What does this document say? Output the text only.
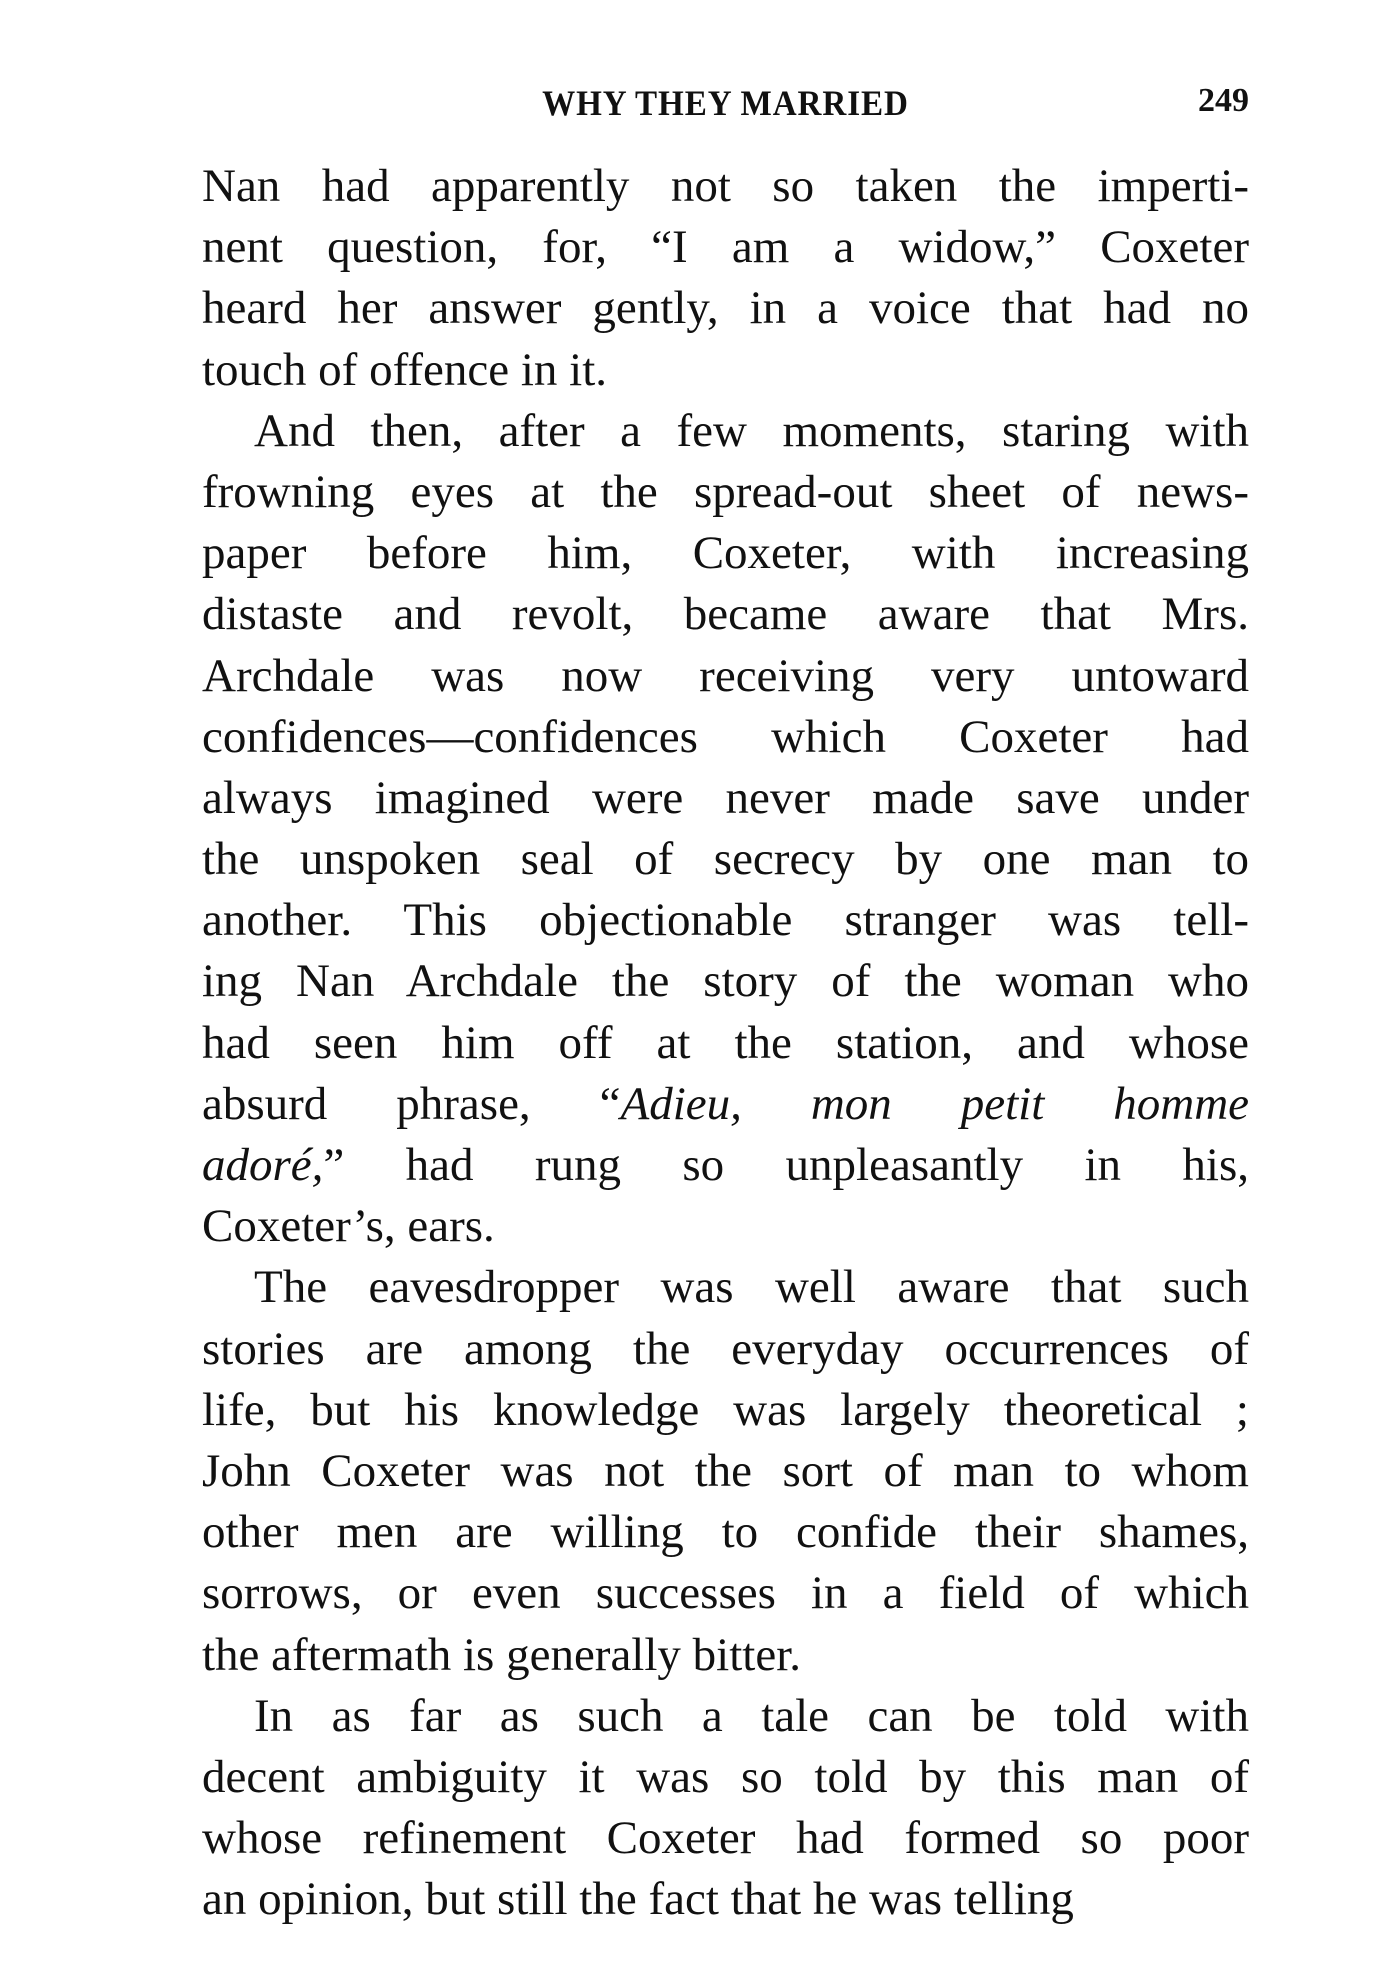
WHY THEY MARRIED	249
Nan had apparently not so taken the imperti-
nent question, for, “I am a widow,” Coxeter
heard her answer gently, in a voice that had no
touch of offence in it.
And then, after a few moments, staring with
frowning eyes at the spread-out sheet of news-
paper before him, Coxeter, with increasing
distaste and revolt, became aware that Mrs.
Archdale was now receiving very untoward
confidences—confidences which Coxeter had
always imagined were never made save under
the unspoken seal of secrecy by one man to
another. This objectionable stranger was tell-
ing Nan Archdale the story of the woman who
had seen him off at the station, and whose
absurd phrase, “Adieu, mon petit homme
adoré,” had rung so unpleasantly in his,
Coxeter’s, ears.
The eavesdropper was well aware that such
stories are among the everyday occurrences of
life, but his knowledge was largely theoretical ;
John Coxeter was not the sort of man to whom
other men are willing to confide their shames,
sorrows, or even successes in a field of which
the aftermath is generally bitter.
In as far as such a tale can be told with
decent ambiguity it was so told by this man of
whose refinement Coxeter had formed so poor
an opinion, but still the fact that he was telling
